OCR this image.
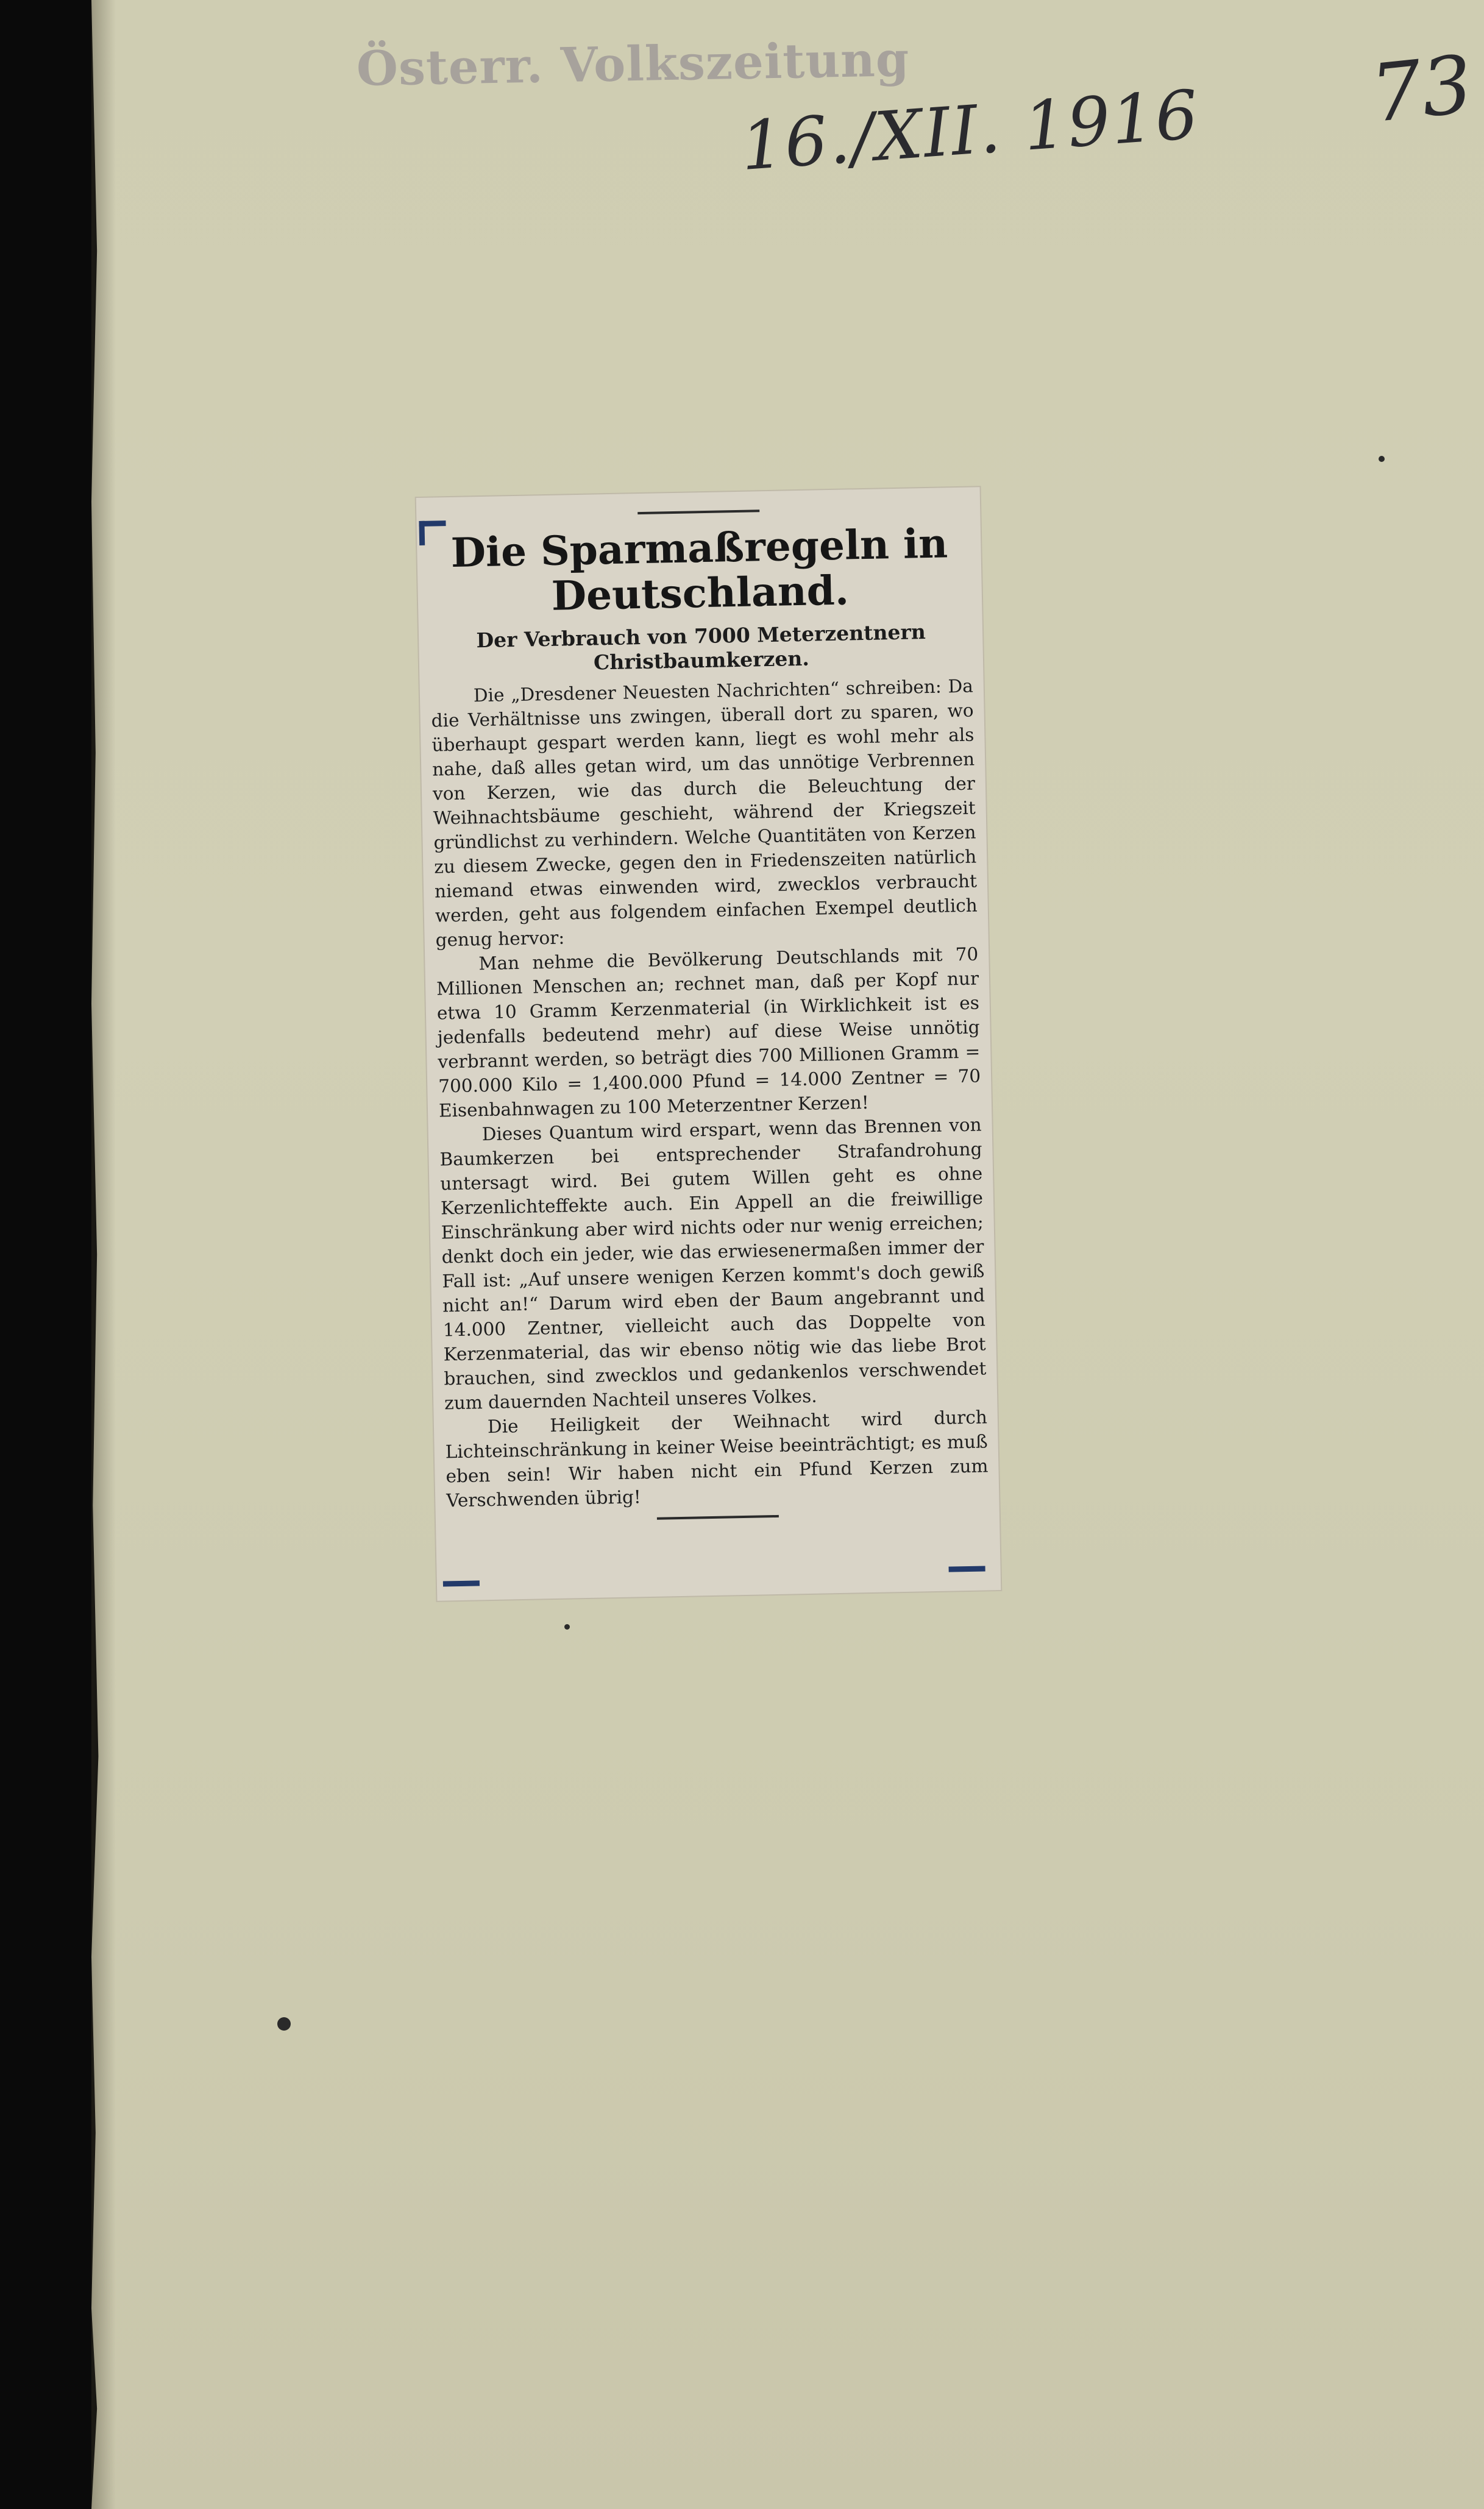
Österr. Volkszeitung
16./XII. 1916 73
Die Sparmaßregeln in Deutschland.
Der Verbrauch von 7000 Meterzentnern Christbaumkerzen.

Die „Dresdener Neuesten Nachrichten“ schreiben: Da die Verhältnisse uns zwingen, überall dort zu sparen, wo überhaupt gespart werden kann, liegt es wohl mehr als nahe, daß alles getan wird, um das unnötige Verbrennen von Kerzen, wie das durch die Beleuchtung der Weihnachtsbäume geschieht, während der Kriegszeit gründlichst zu verhindern. Welche Quantitäten von Kerzen zu diesem Zwecke, gegen den in Friedenszeiten natürlich niemand etwas einwenden wird, zwecklos verbraucht werden, geht aus folgendem einfachen Exempel deutlich genug hervor:

Man nehme die Bevölkerung Deutschlands mit 70 Millionen Menschen an; rechnet man, daß per Kopf nur etwa 10 Gramm Kerzenmaterial (in Wirklichkeit ist es jedenfalls bedeutend mehr) auf diese Weise unnötig verbrannt werden, so beträgt dies 700 Millionen Gramm = 700.000 Kilo = 1,400.000 Pfund = 14.000 Zentner = 70 Eisenbahnwagen zu 100 Meterzentner Kerzen!

Dieses Quantum wird erspart, wenn das Brennen von Baumkerzen bei entsprechender Strafandrohung untersagt wird. Bei gutem Willen geht es ohne Kerzenlichteffekte auch. Ein Appell an die freiwillige Einschränkung aber wird nichts oder nur wenig erreichen; denkt doch ein jeder, wie das erwiesenermaßen immer der Fall ist: „Auf unsere wenigen Kerzen kommt's doch gewiß nicht an!“ Darum wird eben der Baum angebrannt und 14.000 Zentner, vielleicht auch das Doppelte von Kerzenmaterial, das wir ebenso nötig wie das liebe Brot brauchen, sind zwecklos und gedankenlos verschwendet zum dauernden Nachteil unseres Volkes.

Die Heiligkeit der Weihnacht wird durch Lichteinschränkung in keiner Weise beeinträchtigt; es muß eben sein! Wir haben nicht ein Pfund Kerzen zum Verschwenden übrig!
